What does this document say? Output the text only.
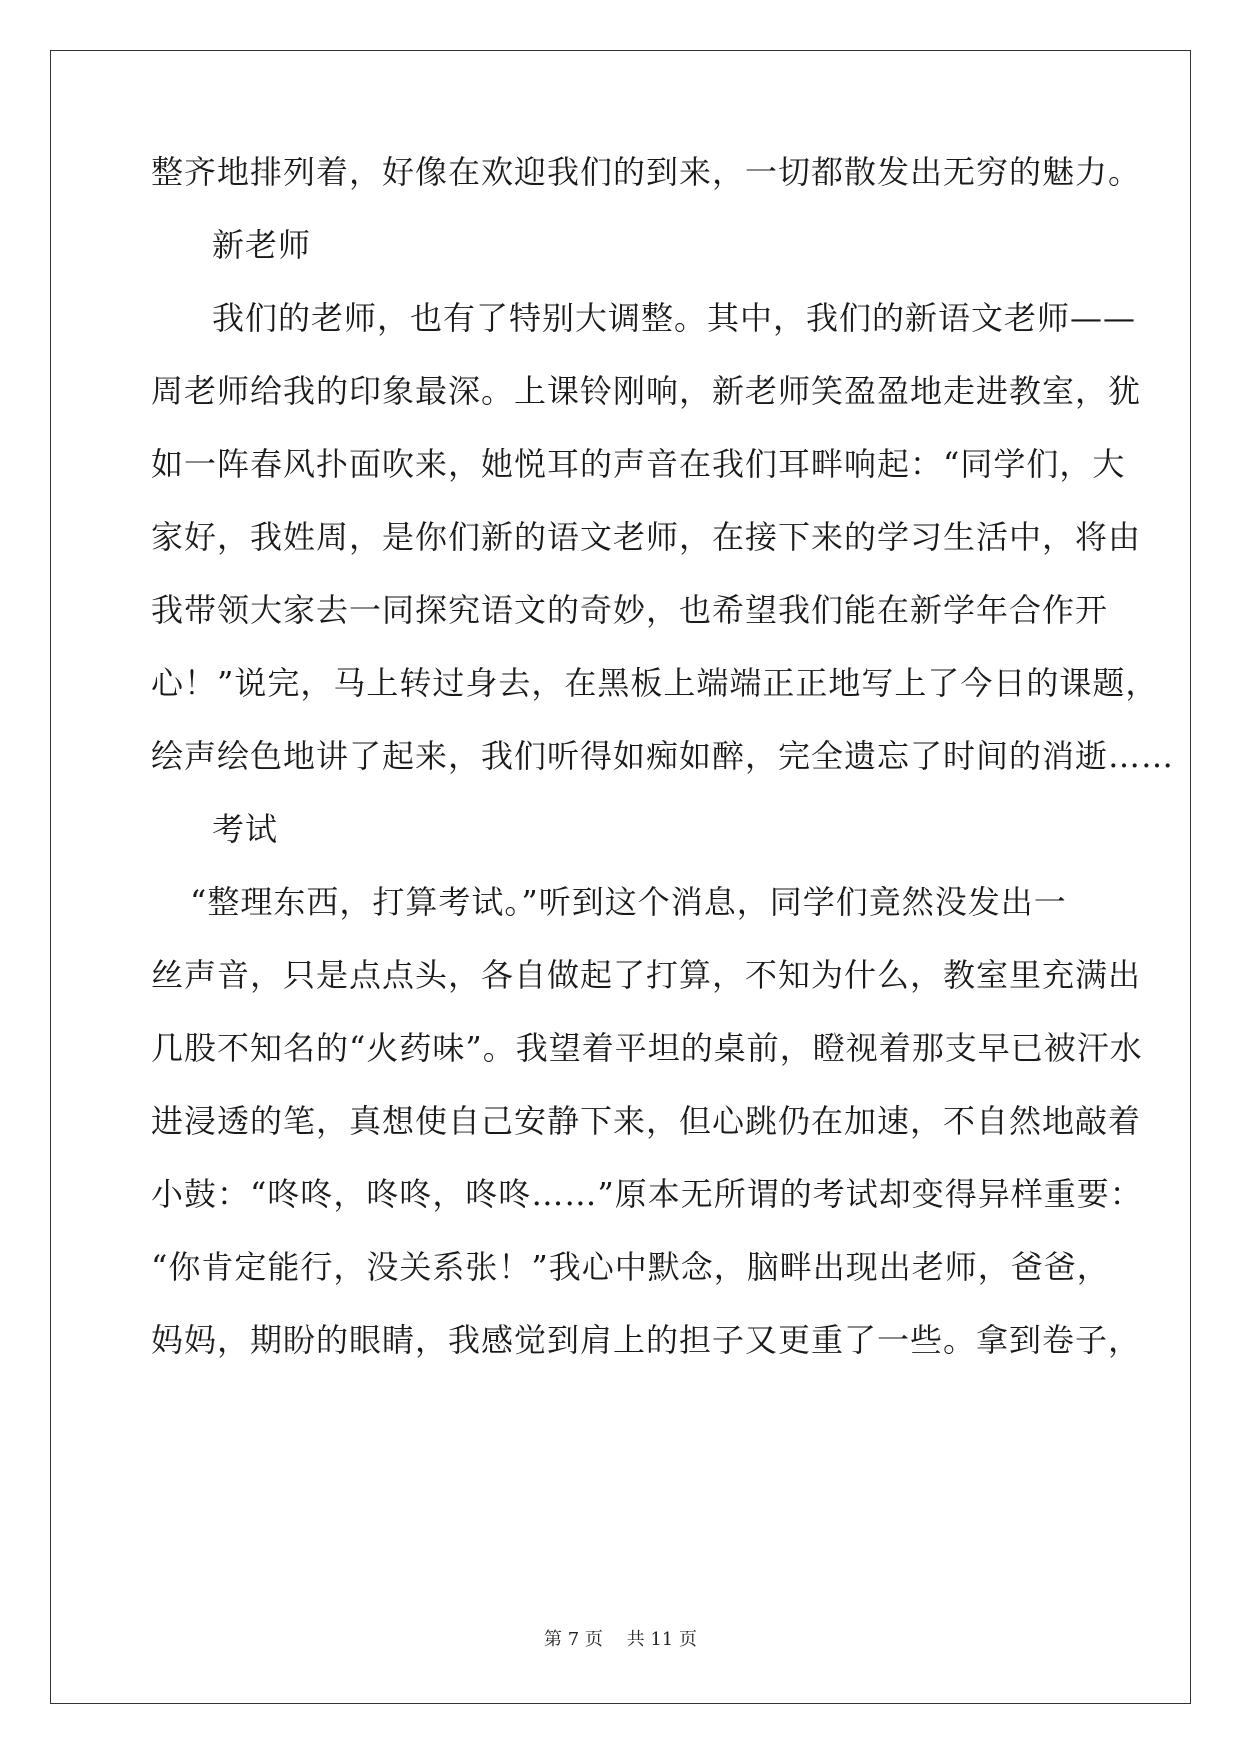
整齐地排列着，好像在欢迎我们的到来，一切都散发出无穷的魅力。
新老师
我们的老师，也有了特别大调整。其中，我们的新语文老师——
周老师给我的印象最深。上课铃刚响，新老师笑盈盈地走进教室，犹
如一阵春风扑面吹来，她悦耳的声音在我们耳畔响起：“同学们，大
家好，我姓周，是你们新的语文老师，在接下来的学习生活中，将由
我带领大家去一同探究语文的奇妙，也希望我们能在新学年合作开
心！”说完，马上转过身去，在黑板上端端正正地写上了今日的课题，
绘声绘色地讲了起来，我们听得如痴如醉，完全遗忘了时间的消逝……
考试
“整理东西，打算考试。”听到这个消息，同学们竟然没发出一
丝声音，只是点点头，各自做起了打算，不知为什么，教室里充满出
几股不知名的“火药味”。我望着平坦的桌前，瞪视着那支早已被汗水
进浸透的笔，真想使自己安静下来，但心跳仍在加速，不自然地敲着
小鼓：“咚咚，咚咚，咚咚……”原本无所谓的考试却变得异样重要：
“你肯定能行，没关系张！”我心中默念，脑畔出现出老师，爸爸，
妈妈，期盼的眼睛，我感觉到肩上的担子又更重了一些。拿到卷子，
第 7 页　 共 11 页
